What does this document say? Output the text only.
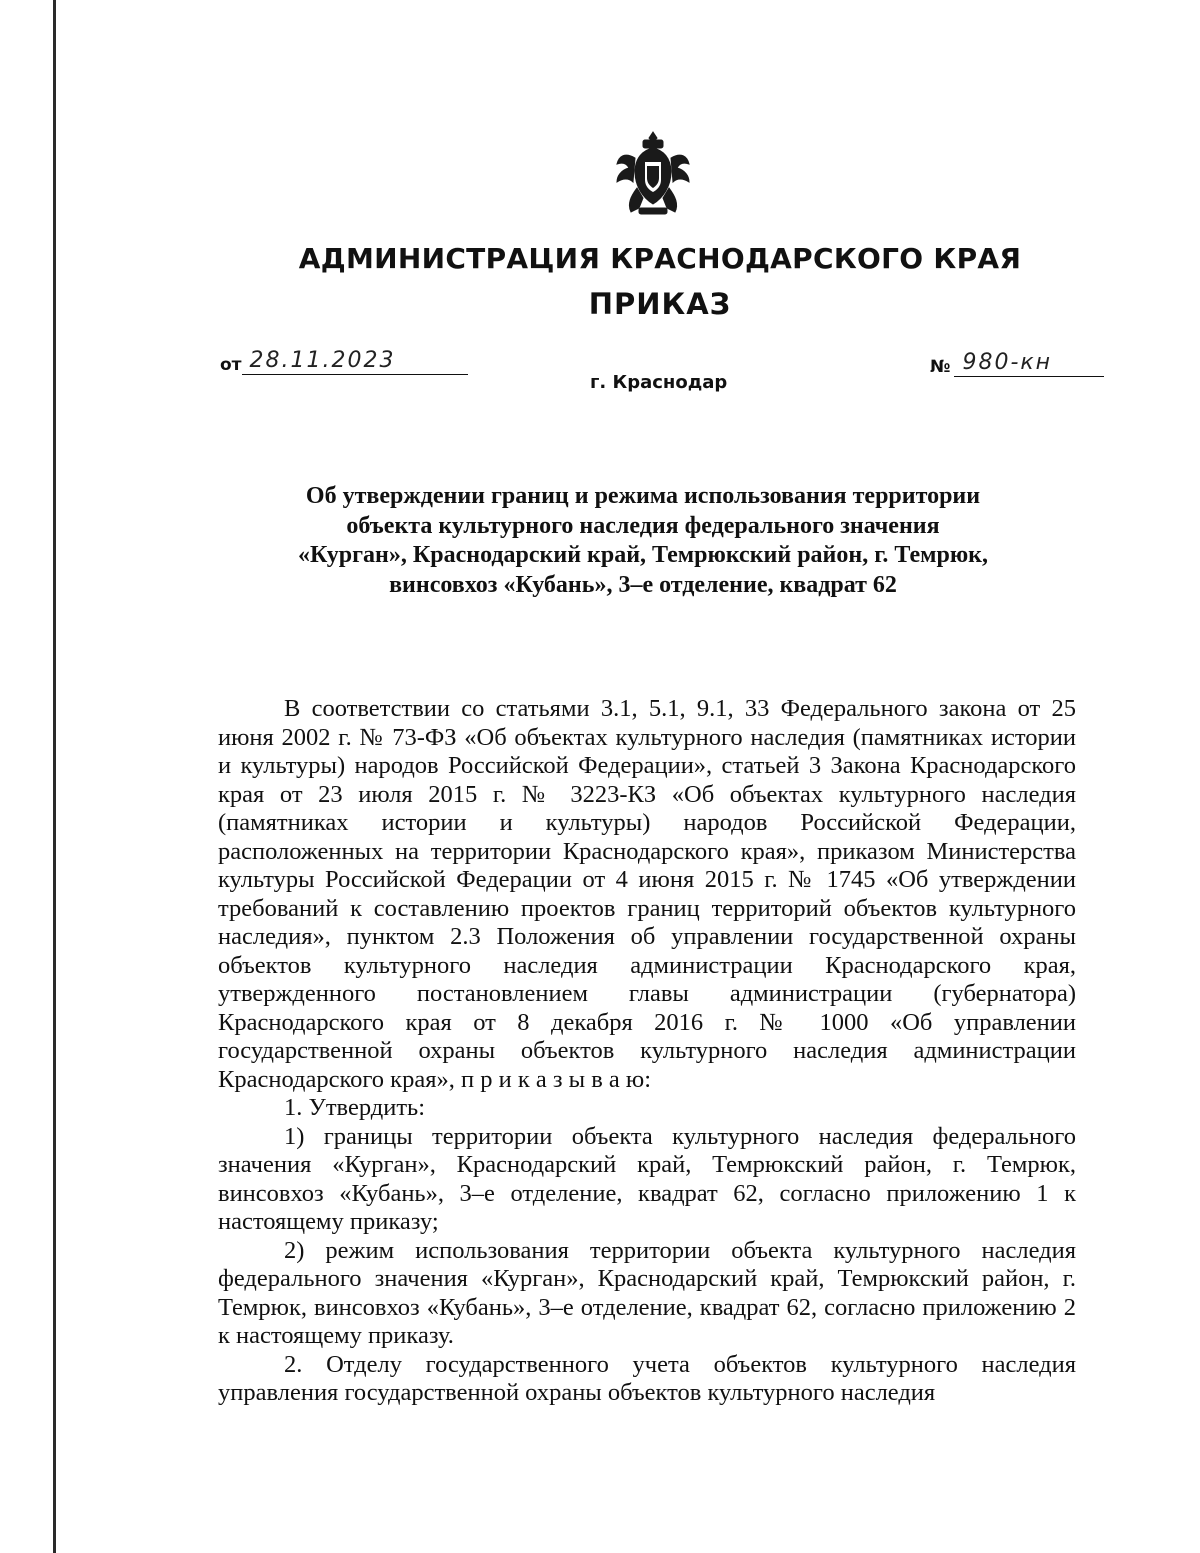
АДМИНИСТРАЦИЯ КРАСНОДАРСКОГО КРАЯ
ПРИКАЗ
от 28.11.2023	№ 980-кн
г. Краснодар
Об утверждении границ и режима использования территории
объекта культурного наследия федерального значения
«Курган», Краснодарский край, Темрюкский район, г. Темрюк,
винсовхоз «Кубань», 3–е отделение, квадрат 62

В соответствии со статьями 3.1, 5.1, 9.1, 33 Федерального закона от 25 июня 2002 г. № 73-ФЗ «Об объектах культурного наследия (памятниках истории и культуры) народов Российской Федерации», статьей 3 Закона Краснодарского края от 23 июля 2015 г. № 3223-КЗ «Об объектах культурного наследия (памятниках истории и культуры) народов Российской Федерации, расположенных на территории Краснодарского края», приказом Министерства культуры Российской Федерации от 4 июня 2015 г. № 1745 «Об утверждении требований к составлению проектов границ территорий объектов культурного наследия», пунктом 2.3 Положения об управлении государственной охраны объектов культурного наследия администрации Краснодарского края, утвержденного постановлением главы администрации (губернатора) Краснодарского края от 8 декабря 2016 г. № 1000 «Об управлении государственной охраны объектов культурного наследия администрации Краснодарского края», п р и к а з ы в а ю:

1. Утвердить:

1) границы территории объекта культурного наследия федерального значения «Курган», Краснодарский край, Темрюкский район, г. Темрюк, винсовхоз «Кубань», 3–е отделение, квадрат 62, согласно приложению 1 к настоящему приказу;

2) режим использования территории объекта культурного наследия федерального значения «Курган», Краснодарский край, Темрюкский район, г. Темрюк, винсовхоз «Кубань», 3–е отделение, квадрат 62, согласно приложению 2 к настоящему приказу.

2. Отделу государственного учета объектов культурного наследия управления государственной охраны объектов культурного наследия
